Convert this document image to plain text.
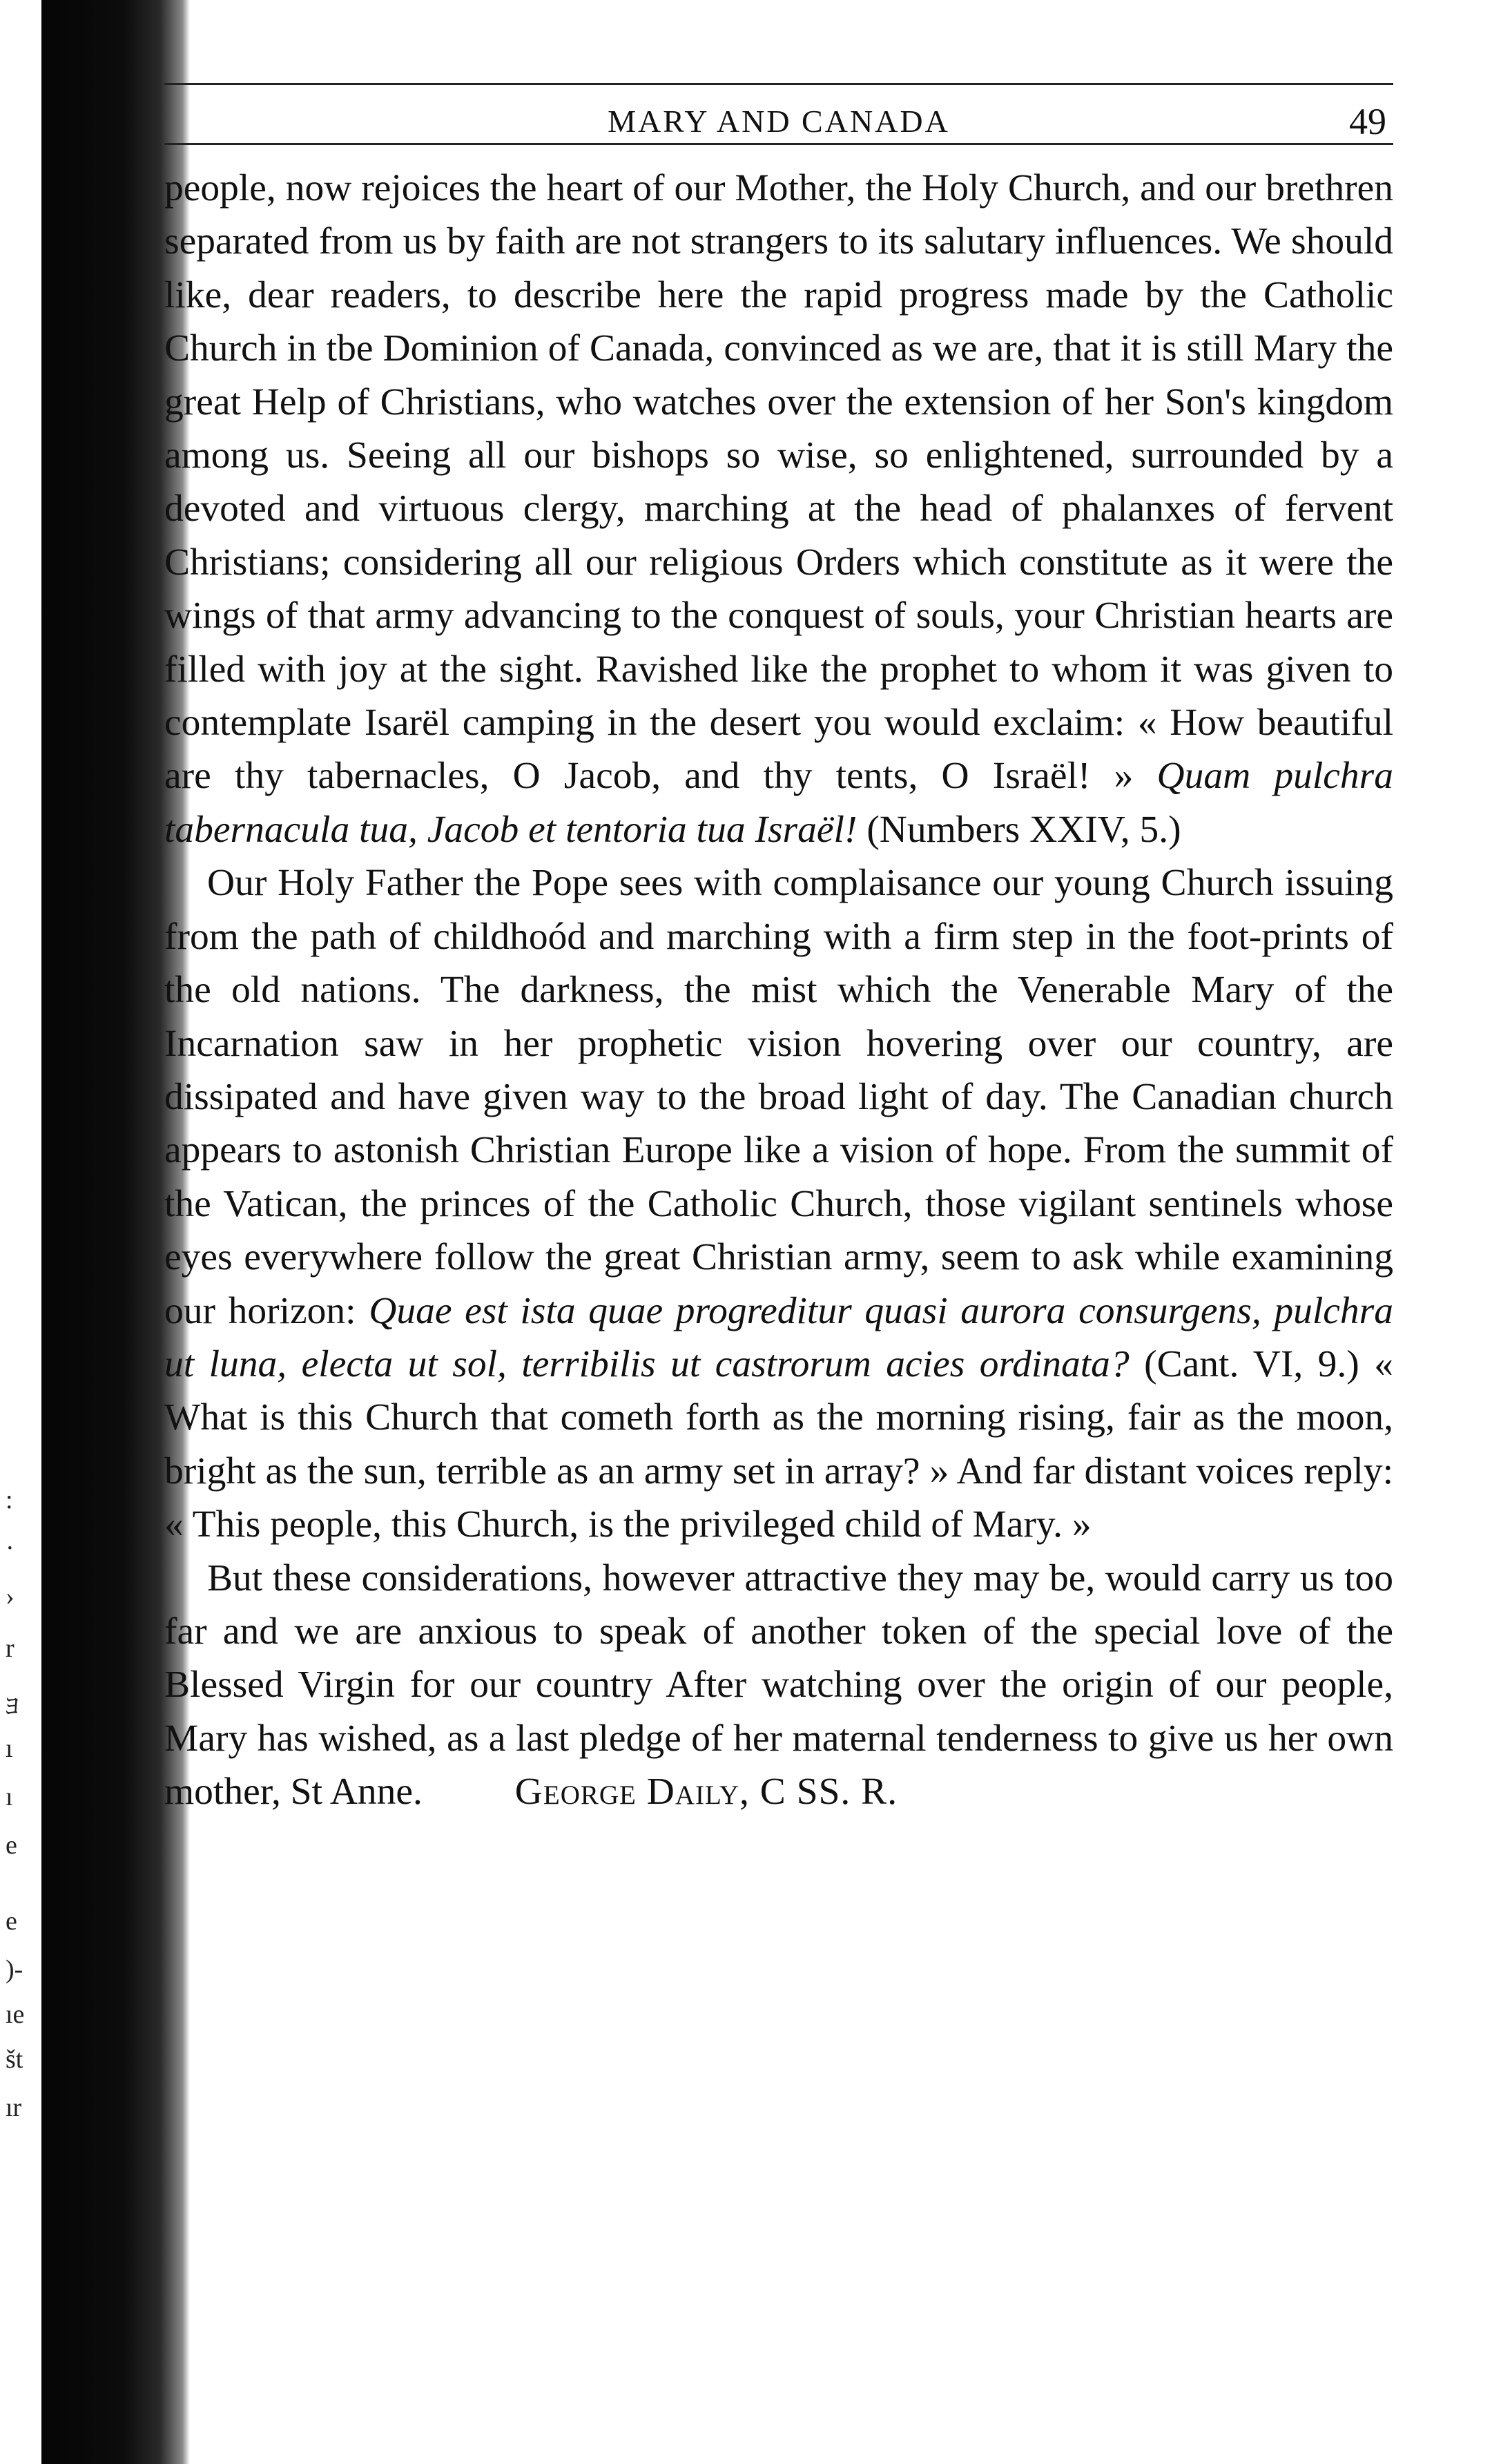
:
·
›
r
ﾖ
ı
ı
e
e
)-
ıe
št
ır
MARY AND CANADA	49

people, now rejoices the heart of our Mother, the Holy Church, and our brethren separated from us by faith are not strangers to its salutary influences. We should like, dear readers, to describe here the rapid progress made by the Catholic Church in tbe Dominion of Canada, convinced as we are, that it is still Mary the great Help of Christians, who watches over the extension of her Son's kingdom among us. Seeing all our bishops so wise, so enlightened, surrounded by a devoted and virtuous clergy, marching at the head of phalanxes of fervent Christians; considering all our religious Orders which constitute as it were the wings of that army advancing to the conquest of souls, your Christian hearts are filled with joy at the sight. Ravished like the prophet to whom it was given to contemplate Isarël camping in the desert you would exclaim: « How beautiful are thy tabernacles, O Jacob, and thy tents, O Israël! » Quam pulchra tabernacula tua, Jacob et tentoria tua Israël! (Numbers XXIV, 5.)

Our Holy Father the Pope sees with complaisance our young Church issuing from the path of childhoód and marching with a firm step in the foot-prints of the old nations. The darkness, the mist which the Venerable Mary of the Incarnation saw in her prophetic vision hovering over our country, are dissipated and have given way to the broad light of day. The Canadian church appears to astonish Christian Europe like a vision of hope. From the summit of the Vatican, the princes of the Catholic Church, those vigilant sentinels whose eyes everywhere follow the great Christian army, seem to ask while examining our horizon: Quae est ista quae progreditur quasi aurora consurgens, pulchra ut luna, electa ut sol, terribilis ut castrorum acies ordinata? (Cant. VI, 9.) « What is this Church that cometh forth as the morning rising, fair as the moon, bright as the sun, terrible as an army set in array? » And far distant voices reply: « This people, this Church, is the privileged child of Mary. »

But these considerations, however attractive they may be, would carry us too far and we are anxious to speak of another token of the special love of the Blessed Virgin for our country After watching over the origin of our people, Mary has wished, as a last pledge of her maternal tenderness to give us her own mother, St Anne. George Daily, C SS. R.
